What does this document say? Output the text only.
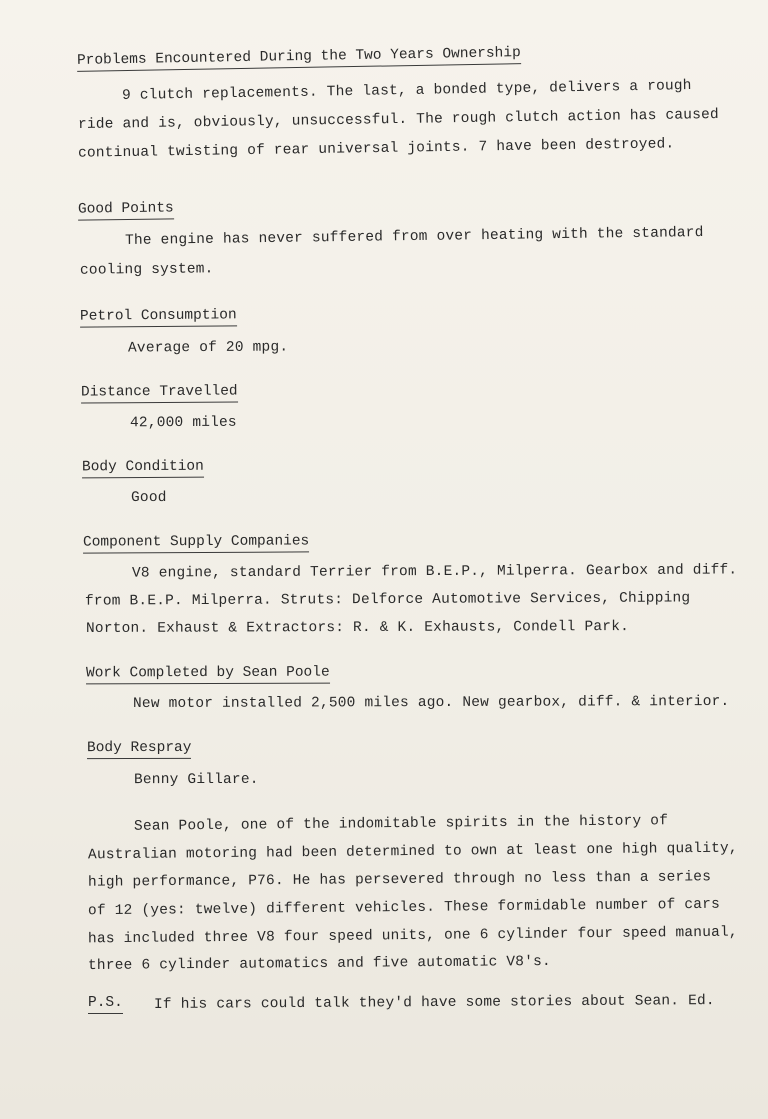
Problems Encountered During the Two Years Ownership
9 clutch replacements. The last, a bonded type, delivers a rough
ride and is, obviously, unsuccessful. The rough clutch action has caused
continual twisting of rear universal joints. 7 have been destroyed.
Good Points
The engine has never suffered from over heating with the standard
cooling system.
Petrol Consumption
Average of 20 mpg.
Distance Travelled
42,000 miles
Body Condition
Good
Component Supply Companies
V8 engine, standard Terrier from B.E.P., Milperra. Gearbox and diff.
from B.E.P. Milperra. Struts: Delforce Automotive Services, Chipping
Norton. Exhaust & Extractors: R. & K. Exhausts, Condell Park.
Work Completed by Sean Poole
New motor installed 2,500 miles ago. New gearbox, diff. & interior.
Body Respray
Benny Gillare.
Sean Poole, one of the indomitable spirits in the history of
Australian motoring had been determined to own at least one high quality,
high performance, P76. He has persevered through no less than a series
of 12 (yes: twelve) different vehicles. These formidable number of cars
has included three V8 four speed units, one 6 cylinder four speed manual,
three 6 cylinder automatics and five automatic V8's.
P.S. If his cars could talk they'd have some stories about Sean. Ed.
